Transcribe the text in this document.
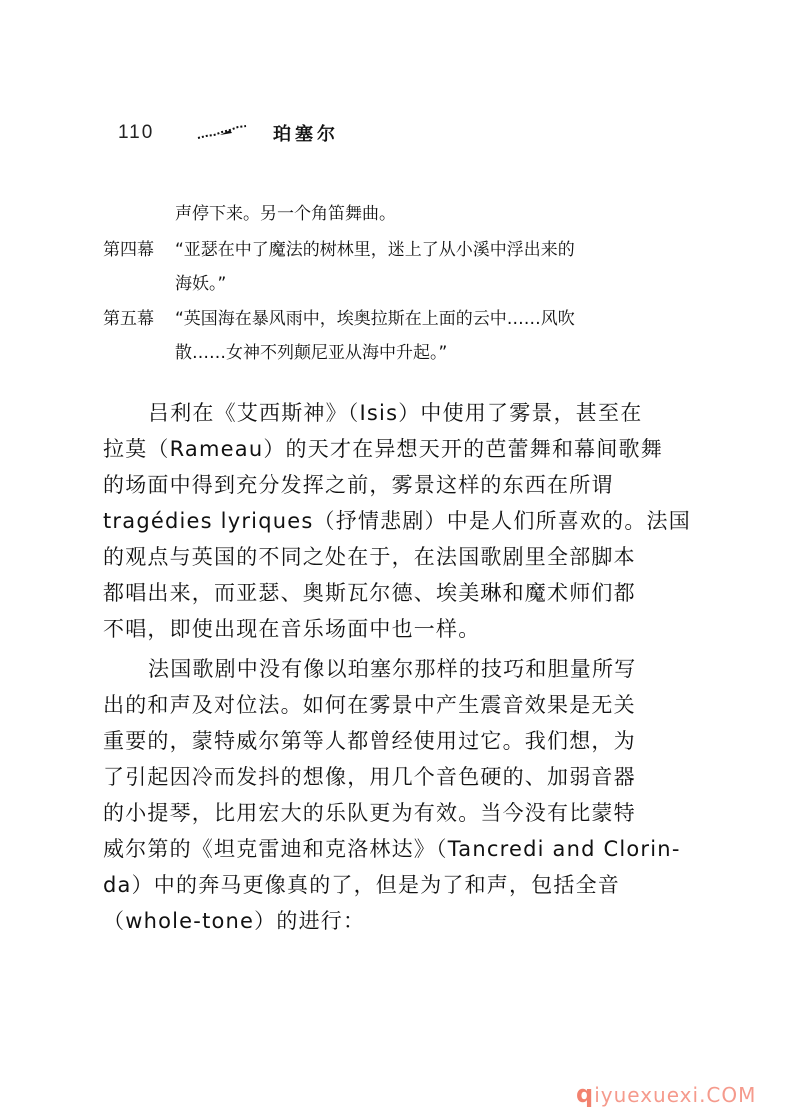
110	珀塞尔
声停下来。另一个角笛舞曲。
第四幕 “亚瑟在中了魔法的树林里，迷上了从小溪中浮出来的
海妖。”
第五幕 “英国海在暴风雨中，埃奥拉斯在上面的云中……风吹
散……女神不列颠尼亚从海中升起。”
吕利在《艾西斯神》（Isis）中使用了雾景，甚至在
拉莫（Rameau）的天才在异想天开的芭蕾舞和幕间歌舞
的场面中得到充分发挥之前，雾景这样的东西在所谓
tragédies lyriques（抒情悲剧）中是人们所喜欢的。法国
的观点与英国的不同之处在于，在法国歌剧里全部脚本
都唱出来，而亚瑟、奥斯瓦尔德、埃美琳和魔术师们都
不唱，即使出现在音乐场面中也一样。
法国歌剧中没有像以珀塞尔那样的技巧和胆量所写
出的和声及对位法。如何在雾景中产生震音效果是无关
重要的，蒙特威尔第等人都曾经使用过它。我们想，为
了引起因冷而发抖的想像，用几个音色硬的、加弱音器
的小提琴，比用宏大的乐队更为有效。当今没有比蒙特
威尔第的《坦克雷迪和克洛林达》（Tancredi and Clorin-
da）中的奔马更像真的了，但是为了和声，包括全音
（whole-tone）的进行：
qiyuexuexi.COM
